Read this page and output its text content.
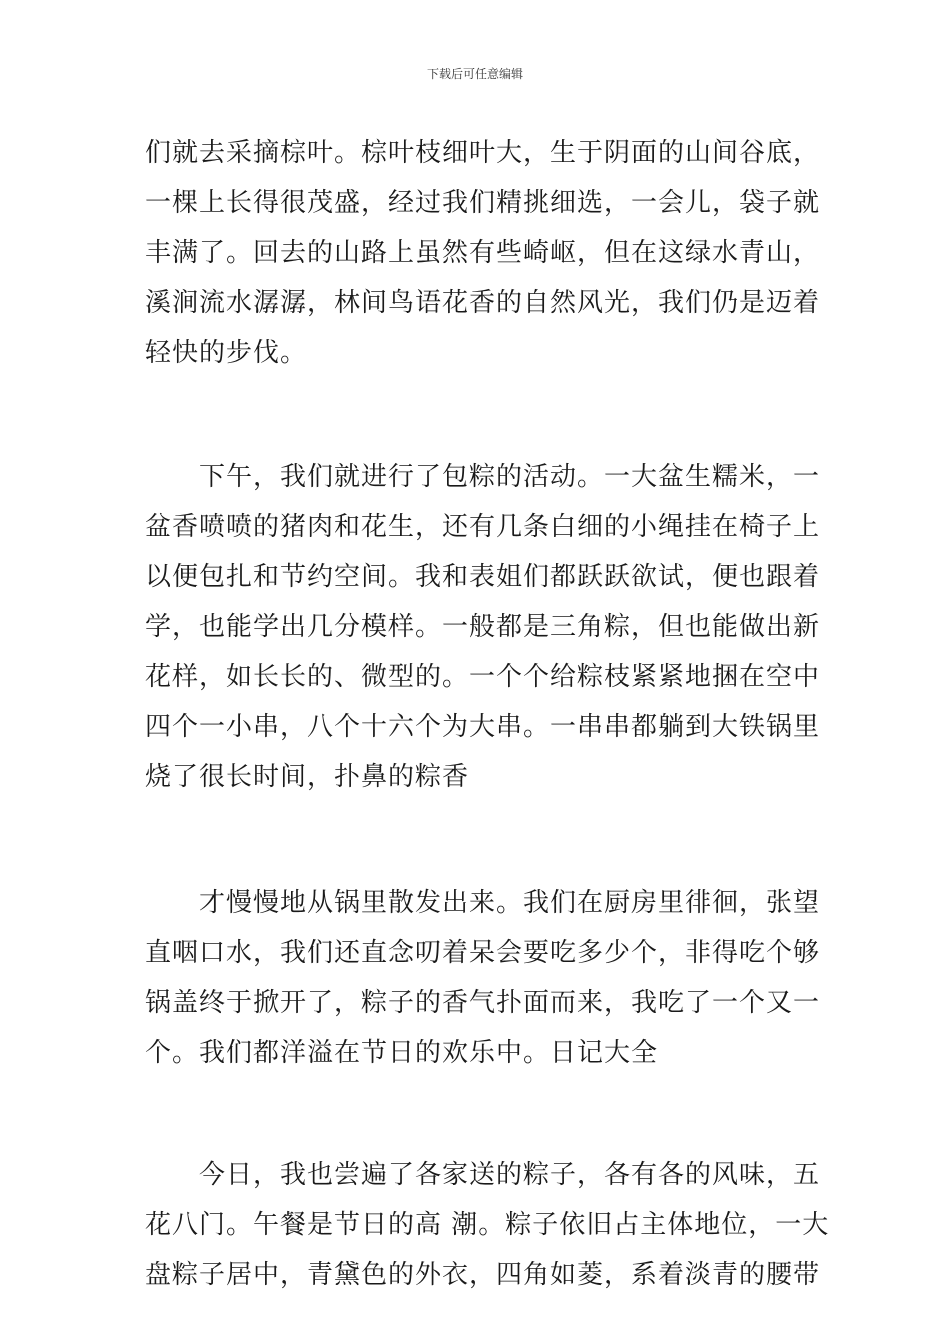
下载后可任意编辑
们就去采摘棕叶。棕叶枝细叶大，生于阴面的山间谷底，
一棵上长得很茂盛，经过我们精挑细选，一会儿，袋子就
丰满了。回去的山路上虽然有些崎岖，但在这绿水青山，
溪涧流水潺潺，林间鸟语花香的自然风光，我们仍是迈着
轻快的步伐。
　　下午，我们就进行了包粽的活动。一大盆生糯米，一
盆香喷喷的猪肉和花生，还有几条白细的小绳挂在椅子上
以便包扎和节约空间。我和表姐们都跃跃欲试，便也跟着
学，也能学出几分模样。一般都是三角粽，但也能做出新
花样，如长长的、微型的。一个个给粽枝紧紧地捆在空中
四个一小串，八个十六个为大串。一串串都躺到大铁锅里
烧了很长时间，扑鼻的粽香
　　才慢慢地从锅里散发出来。我们在厨房里徘徊，张望
直咽口水，我们还直念叨着呆会要吃多少个，非得吃个够
锅盖终于掀开了，粽子的香气扑面而来，我吃了一个又一
个。我们都洋溢在节日的欢乐中。日记大全
　　今日，我也尝遍了各家送的粽子，各有各的风味，五
花八门。午餐是节日的高 潮。粽子依旧占主体地位，一大
盘粽子居中，青黛色的外衣，四角如菱，系着淡青的腰带
